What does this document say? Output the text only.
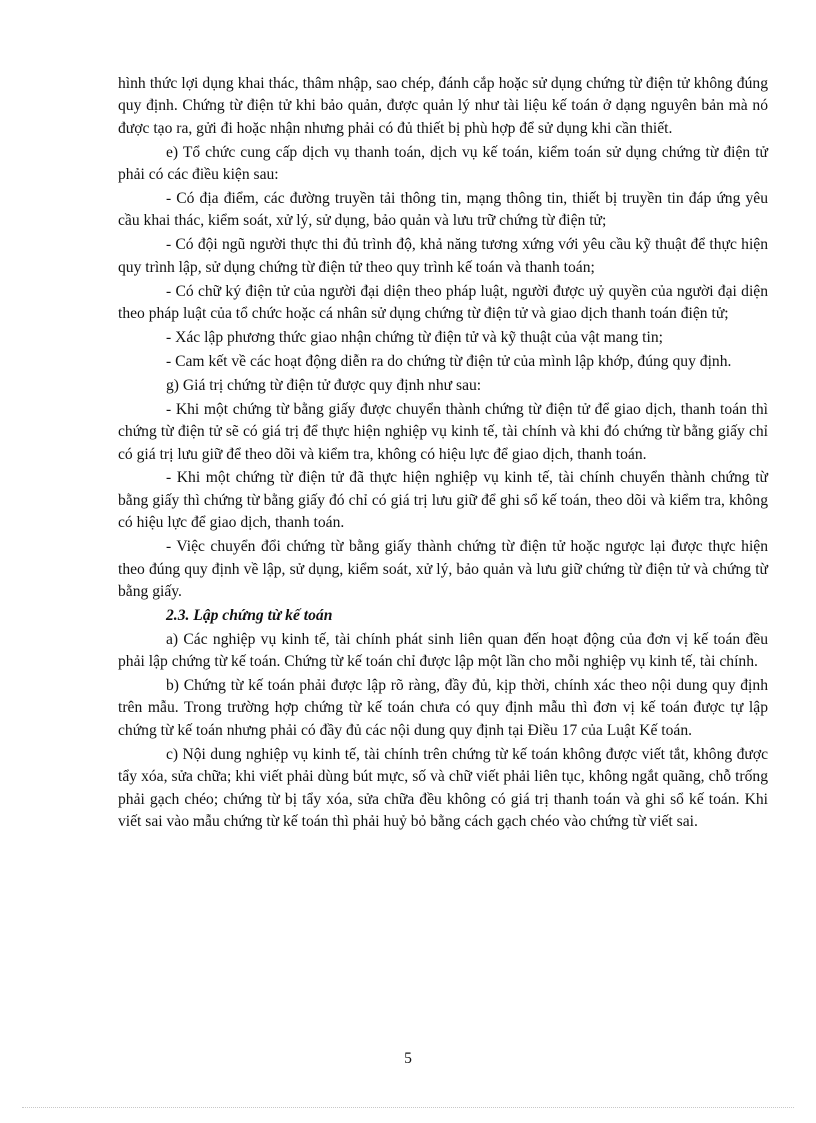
hình thức lợi dụng khai thác, thâm nhập, sao chép, đánh cắp hoặc sử dụng chứng từ điện tử không đúng quy định. Chứng từ điện tử khi bảo quản, được quản lý như tài liệu kế toán ở dạng nguyên bản mà nó được tạo ra, gửi đi hoặc nhận nhưng phải có đủ thiết bị phù hợp để sử dụng khi cần thiết.

e) Tổ chức cung cấp dịch vụ thanh toán, dịch vụ kế toán, kiểm toán sử dụng chứng từ điện tử phải có các điều kiện sau:

- Có địa điểm, các đường truyền tải thông tin, mạng thông tin, thiết bị truyền tin đáp ứng yêu cầu khai thác, kiểm soát, xử lý, sử dụng, bảo quản và lưu trữ chứng từ điện tử;

- Có đội ngũ người thực thi đủ trình độ, khả năng tương xứng với yêu cầu kỹ thuật để thực hiện quy trình lập, sử dụng chứng từ điện tử theo quy trình kế toán và thanh toán;

- Có chữ ký điện tử của người đại diện theo pháp luật, người được uỷ quyền của người đại diện theo pháp luật của tổ chức hoặc cá nhân sử dụng chứng từ điện tử và giao dịch thanh toán điện tử;

- Xác lập phương thức giao nhận chứng từ điện tử và kỹ thuật của vật mang tin;

- Cam kết về các hoạt động diễn ra do chứng từ điện tử của mình lập khớp, đúng quy định.

g) Giá trị chứng từ điện tử được quy định như sau:

- Khi một chứng từ bằng giấy được chuyển thành chứng từ điện tử để giao dịch, thanh toán thì chứng từ điện tử sẽ có giá trị để thực hiện nghiệp vụ kinh tế, tài chính và khi đó chứng từ bằng giấy chỉ có giá trị lưu giữ để theo dõi và kiểm tra, không có hiệu lực để giao dịch, thanh toán.

- Khi một chứng từ điện tử đã thực hiện nghiệp vụ kinh tế, tài chính chuyển thành chứng từ bằng giấy thì chứng từ bằng giấy đó chỉ có giá trị lưu giữ để ghi sổ kế toán, theo dõi và kiểm tra, không có hiệu lực để giao dịch, thanh toán.

- Việc chuyển đổi chứng từ bằng giấy thành chứng từ điện tử hoặc ngược lại được thực hiện theo đúng quy định về lập, sử dụng, kiểm soát, xử lý, bảo quản và lưu giữ chứng từ điện tử và chứng từ bằng giấy.

2.3. Lập chứng từ kế toán

a) Các nghiệp vụ kinh tế, tài chính phát sinh liên quan đến hoạt động của đơn vị kế toán đều phải lập chứng từ kế toán. Chứng từ kế toán chỉ được lập một lần cho mỗi nghiệp vụ kinh tế, tài chính.

b) Chứng từ kế toán phải được lập rõ ràng, đầy đủ, kịp thời, chính xác theo nội dung quy định trên mẫu. Trong trường hợp chứng từ kế toán chưa có quy định mẫu thì đơn vị kế toán được tự lập chứng từ kế toán nhưng phải có đầy đủ các nội dung quy định tại Điều 17 của Luật Kế toán.

c) Nội dung nghiệp vụ kinh tế, tài chính trên chứng từ kế toán không được viết tắt, không được tẩy xóa, sửa chữa; khi viết phải dùng bút mực, số và chữ viết phải liên tục, không ngắt quãng, chỗ trống phải gạch chéo; chứng từ bị tẩy xóa, sửa chữa đều không có giá trị thanh toán và ghi sổ kế toán. Khi viết sai vào mẫu chứng từ kế toán thì phải huỷ bỏ bằng cách gạch chéo vào chứng từ viết sai.

5
